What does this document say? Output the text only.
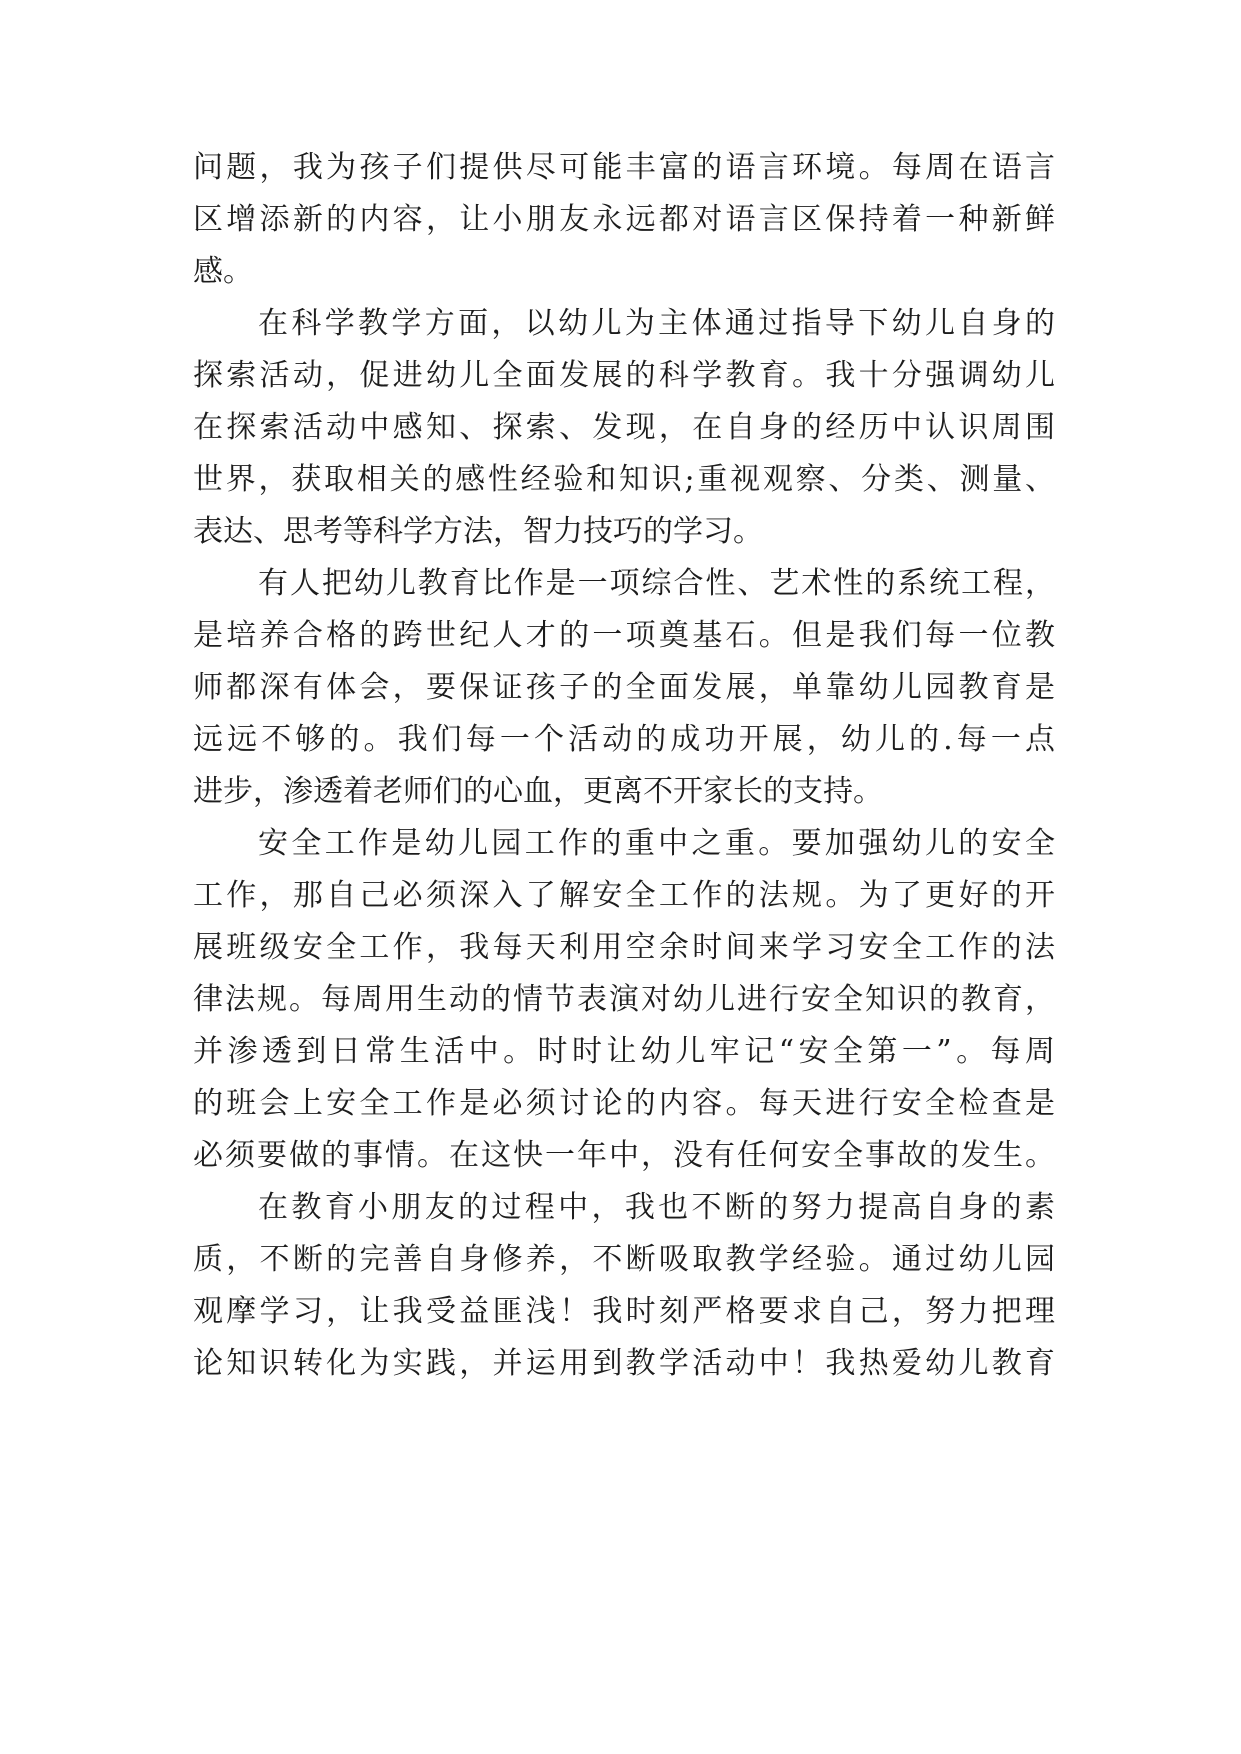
问题，我为孩子们提供尽可能丰富的语言环境。每周在语言
区增添新的内容，让小朋友永远都对语言区保持着一种新鲜
感。
在科学教学方面，以幼儿为主体通过指导下幼儿自身的
探索活动，促进幼儿全面发展的科学教育。我十分强调幼儿
在探索活动中感知、探索、发现，在自身的经历中认识周围
世界，获取相关的感性经验和知识;重视观察、分类、测量、
表达、思考等科学方法，智力技巧的学习。
有人把幼儿教育比作是一项综合性、艺术性的系统工程，
是培养合格的跨世纪人才的一项奠基石。但是我们每一位教
师都深有体会，要保证孩子的全面发展，单靠幼儿园教育是
远远不够的。我们每一个活动的成功开展，幼儿的.每一点
进步，渗透着老师们的心血，更离不开家长的支持。
安全工作是幼儿园工作的重中之重。要加强幼儿的安全
工作，那自己必须深入了解安全工作的法规。为了更好的开
展班级安全工作，我每天利用空余时间来学习安全工作的法
律法规。每周用生动的情节表演对幼儿进行安全知识的教育，
并渗透到日常生活中。时时让幼儿牢记“安全第一”。每周
的班会上安全工作是必须讨论的内容。每天进行安全检查是
必须要做的事情。在这快一年中，没有任何安全事故的发生。
在教育小朋友的过程中，我也不断的努力提高自身的素
质，不断的完善自身修养，不断吸取教学经验。通过幼儿园
观摩学习，让我受益匪浅！我时刻严格要求自己，努力把理
论知识转化为实践，并运用到教学活动中！我热爱幼儿教育
